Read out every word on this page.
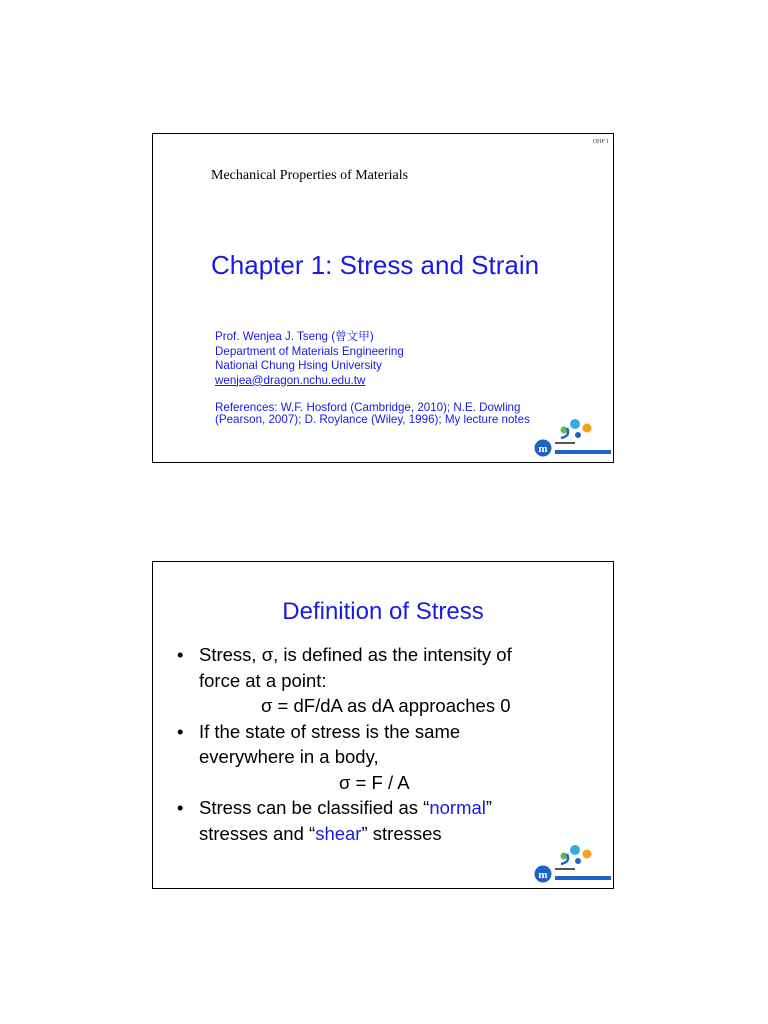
OHP 1
Mechanical Properties of Materials
Chapter 1: Stress and Strain
Prof. Wenjea J. Tseng (曾文甲)
Department of Materials Engineering
National Chung Hsing University
wenjea@dragon.nchu.edu.tw
References: W.F. Hosford (Cambridge, 2010); N.E. Dowling
(Pearson, 2007); D. Roylance (Wiley, 1996); My lecture notes
m
Definition of Stress
• Stress, σ, is defined as the intensity of
force at a point:
σ = dF/dA as dA approaches 0
• If the state of stress is the same
everywhere in a body,
σ = F / A
• Stress can be classified as “normal”
stresses and “shear” stresses
m
